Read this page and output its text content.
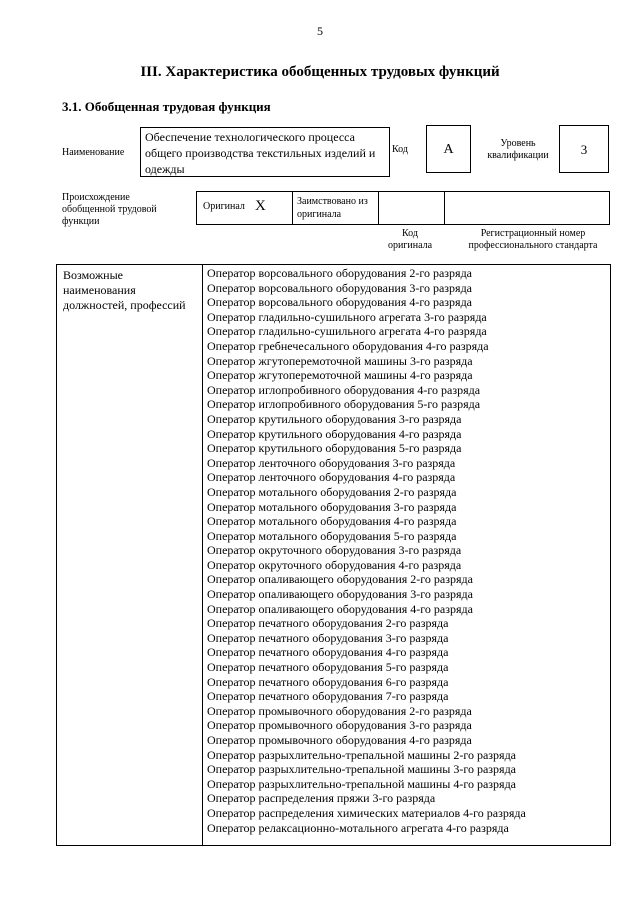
5
III. Характеристика обобщенных трудовых функций
3.1. Обобщенная трудовая функция
Наименование
Обеспечение технологического процесса общего производства текстильных изделий и одежды
Код	A	Уровень квалификации	3
Происхождение обобщенной трудовой функции
Оригинал X	Заимствовано из оригинала
Код оригинала
Регистрационный номер профессионального стандарта
Возможные наименования должностей, профессий
Оператор ворсовального оборудования 2-го разряда
Оператор ворсовального оборудования 3-го разряда
Оператор ворсовального оборудования 4-го разряда
Оператор гладильно-сушильного агрегата 3-го разряда
Оператор гладильно-сушильного агрегата 4-го разряда
Оператор гребнечесального оборудования 4-го разряда
Оператор жгутоперемоточной машины 3-го разряда
Оператор жгутоперемоточной машины 4-го разряда
Оператор иглопробивного оборудования 4-го разряда
Оператор иглопробивного оборудования 5-го разряда
Оператор крутильного оборудования 3-го разряда
Оператор крутильного оборудования 4-го разряда
Оператор крутильного оборудования 5-го разряда
Оператор ленточного оборудования 3-го разряда
Оператор ленточного оборудования 4-го разряда
Оператор мотального оборудования 2-го разряда
Оператор мотального оборудования 3-го разряда
Оператор мотального оборудования 4-го разряда
Оператор мотального оборудования 5-го разряда
Оператор окруточного оборудования 3-го разряда
Оператор окруточного оборудования 4-го разряда
Оператор опаливающего оборудования 2-го разряда
Оператор опаливающего оборудования 3-го разряда
Оператор опаливающего оборудования 4-го разряда
Оператор печатного оборудования 2-го разряда
Оператор печатного оборудования 3-го разряда
Оператор печатного оборудования 4-го разряда
Оператор печатного оборудования 5-го разряда
Оператор печатного оборудования 6-го разряда
Оператор печатного оборудования 7-го разряда
Оператор промывочного оборудования 2-го разряда
Оператор промывочного оборудования 3-го разряда
Оператор промывочного оборудования 4-го разряда
Оператор разрыхлительно-трепальной машины 2-го разряда
Оператор разрыхлительно-трепальной машины 3-го разряда
Оператор разрыхлительно-трепальной машины 4-го разряда
Оператор распределения пряжи 3-го разряда
Оператор распределения химических материалов 4-го разряда
Оператор релаксационно-мотального агрегата 4-го разряда
